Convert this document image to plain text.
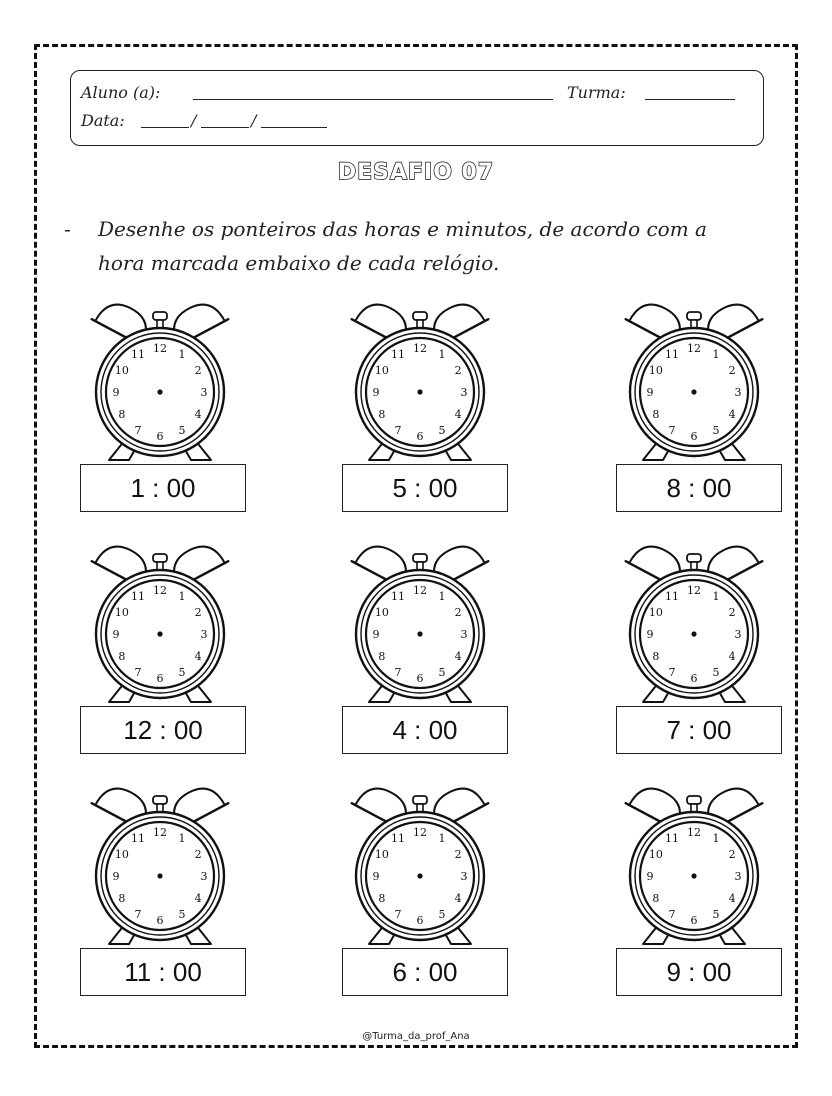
Aluno (a):	Turma:
Data:	/	/
DESAFIO 07
- Desenhe os ponteiros das horas e minutos, de acordo com a hora marcada embaixo de cada relógio.
12 1
2
3
4
5
6
7
8
9
10
11
1 : 00
12 1
2
3
4
5
6
7
8
9
10
11
5 : 00
12 1
2
3
4
5
6
7
8
9
10
11
8 : 00
12 1
2
3
4
5
6
7
8
9
10
11
12 : 00
12 1
2
3
4
5
6
7
8
9
10
11
4 : 00
12 1
2
3
4
5
6
7
8
9
10
11
7 : 00
12 1
2
3
4
5
6
7
8
9
10
11
11 : 00
12 1
2
3
4
5
6
7
8
9
10
11
6 : 00
12 1
2
3
4
5
6
7
8
9
10
11
9 : 00
@Turma_da_prof_Ana
